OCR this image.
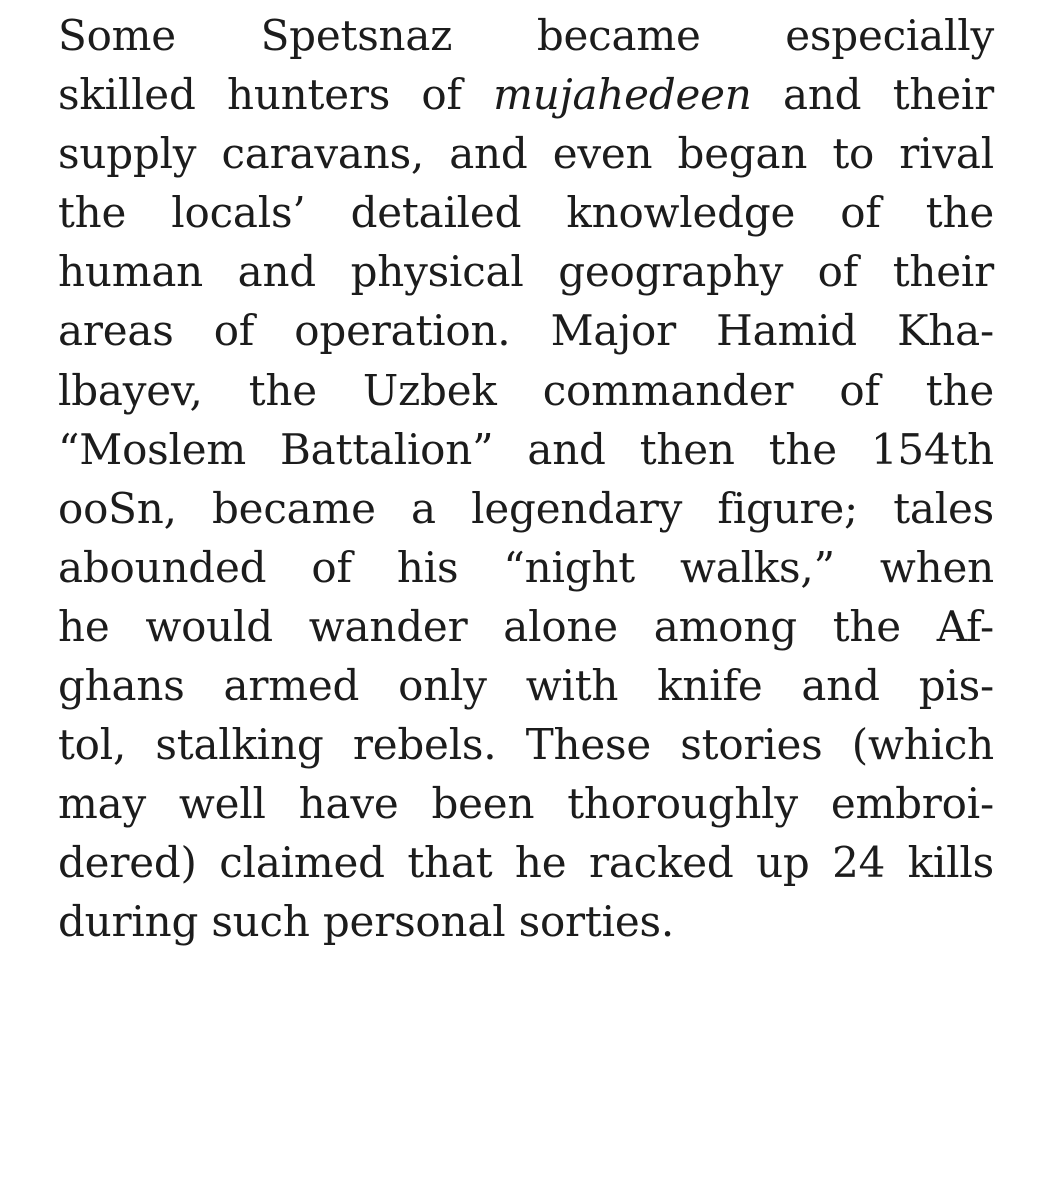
Some Spetsnaz became especially
skilled hunters of mujahedeen and their
supply caravans, and even began to rival
the locals’ detailed knowledge of the
human and physical geography of their
areas of operation. Major Hamid Kha-
lbayev, the Uzbek commander of the
“Moslem Battalion” and then the 154th
ooSn, became a legendary figure; tales
abounded of his “night walks,” when
he would wander alone among the Af-
ghans armed only with knife and pis-
tol, stalking rebels. These stories (which
may well have been thoroughly embroi-
dered) claimed that he racked up 24 kills
during such personal sorties.
